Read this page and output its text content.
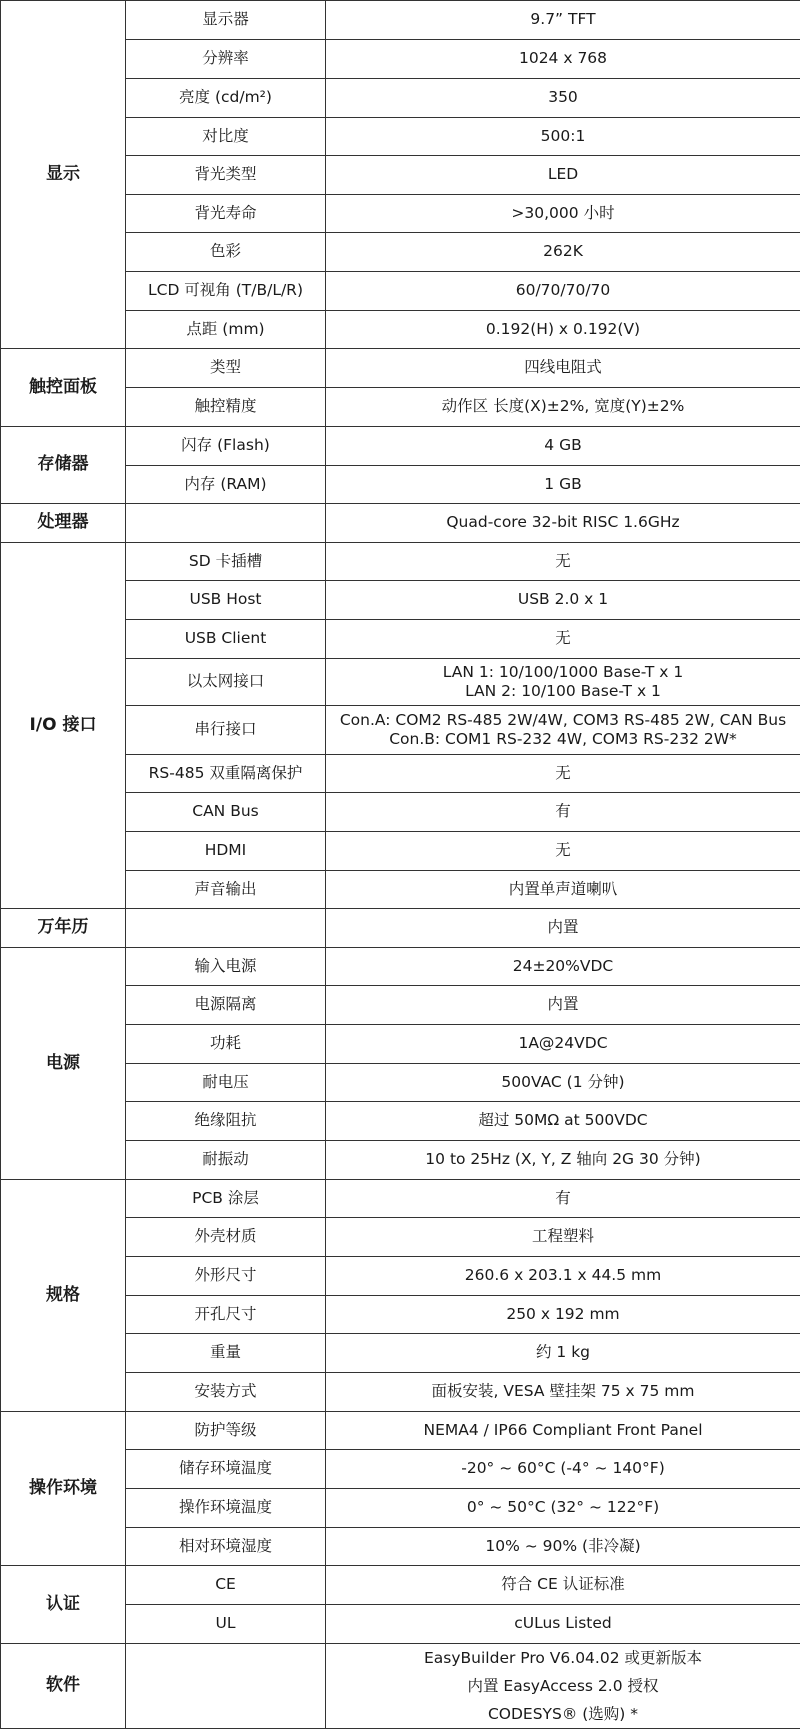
显示	显示器	9.7” TFT

	分辨率	1024 x 768

	亮度 (cd/m²)	350

	对比度	500:1

	背光类型	LED

	背光寿命	>30,000 小时

	色彩	262K

	LCD 可视角 (T/B/L/R)	60/70/70/70

	点距 (mm)	0.192(H) x 0.192(V)

触控面板	类型	四线电阻式

	触控精度	动作区 长度(X)±2%, 宽度(Y)±2%

存储器	闪存 (Flash)	4 GB

	内存 (RAM)	1 GB

处理器		Quad-core 32-bit RISC 1.6GHz

I/O 接口	SD 卡插槽	无

	USB Host	USB 2.0 x 1

	USB Client	无

	以太网接口	LAN 1: 10/100/1000 Base-T x 1
LAN 2: 10/100 Base-T x 1

	串行接口	Con.A: COM2 RS-485 2W/4W, COM3 RS-485 2W, CAN Bus
Con.B: COM1 RS-232 4W, COM3 RS-232 2W*

	RS-485 双重隔离保护	无

	CAN Bus	有

	HDMI	无

	声音输出	内置单声道喇叭

万年历		内置

电源	输入电源	24±20%VDC

	电源隔离	内置

	功耗	1A@24VDC

	耐电压	500VAC (1 分钟)

	绝缘阻抗	超过 50MΩ at 500VDC

	耐振动	10 to 25Hz (X, Y, Z 轴向 2G 30 分钟)

规格	PCB 涂层	有

	外壳材质	工程塑料

	外形尺寸	260.6 x 203.1 x 44.5 mm

	开孔尺寸	250 x 192 mm

	重量	约 1 kg

	安装方式	面板安装, VESA 壁挂架 75 x 75 mm

操作环境	防护等级	NEMA4 / IP66 Compliant Front Panel

	储存环境温度	-20° ~ 60°C (-4° ~ 140°F)

	操作环境温度	0° ~ 50°C (32° ~ 122°F)

	相对环境湿度	10% ~ 90% (非冷凝)

认证	CE	符合 CE 认证标准

	UL	cULus Listed

软件		EasyBuilder Pro V6.04.02 或更新版本
内置 EasyAccess 2.0 授权
CODESYS® (选购) *
